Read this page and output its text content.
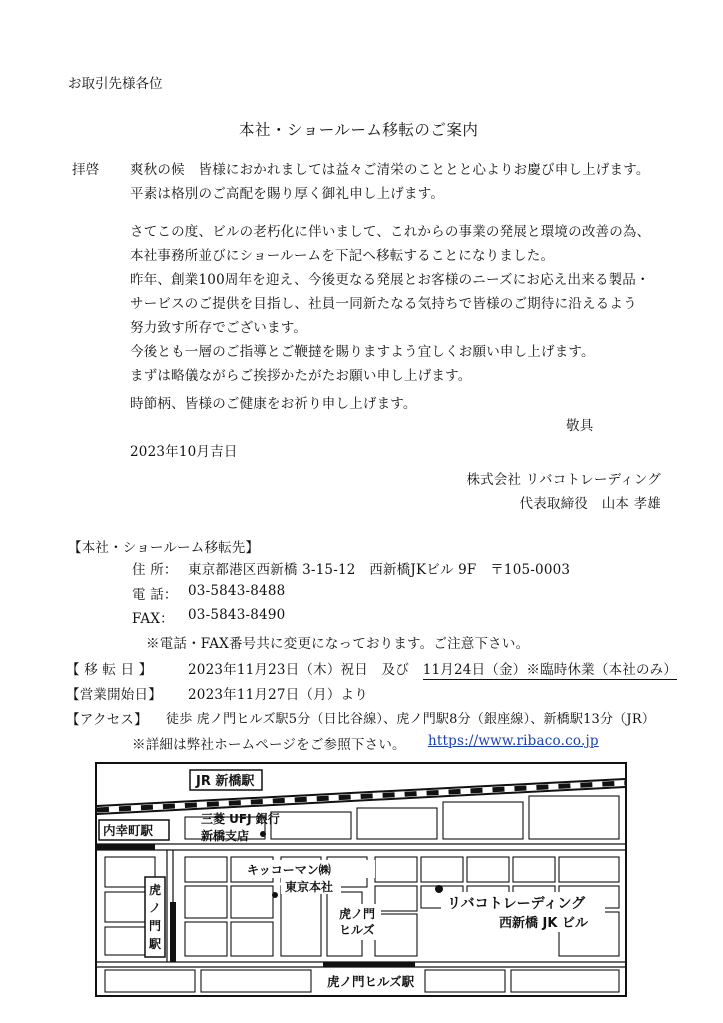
お取引先様各位
本社・ショールーム移転のご案内
拝啓 爽秋の候　皆様におかれましては益々ご清栄のこととと心よりお慶び申し上げます。
平素は格別のご高配を賜り厚く御礼申し上げます。
さてこの度、ビルの老朽化に伴いまして、これからの事業の発展と環境の改善の為、
本社事務所並びにショールームを下記へ移転することになりました。
昨年、創業100周年を迎え、今後更なる発展とお客様のニーズにお応え出来る製品・
サービスのご提供を目指し、社員一同新たなる気持ちで皆様のご期待に沿えるよう
努力致す所存でございます。
今後とも一層のご指導とご鞭撻を賜りますよう宜しくお願い申し上げます。
まずは略儀ながらご挨拶かたがたお願い申し上げます。
時節柄、皆様のご健康をお祈り申し上げます。
敬具
2023年10月吉日
株式会社 リバコトレーディング
代表取締役　山本 孝雄
【本社・ショールーム移転先】
住 所： 東京都港区西新橋 3-15-12　西新橋JKビル 9F　〒105-0003
電 話： 03-5843-8488
FAX： 03-5843-8490
※電話・FAX番号共に変更になっております。ご注意下さい。
【 移 転 日 】	2023年11月23日（木）祝日　及び　11月24日（金）※臨時休業（本社のみ）
【営業開始日】 2023年11月27日（月）より
【アクセス】 徒歩 虎ノ門ヒルズ駅5分（日比谷線）、虎ノ門駅8分（銀座線）、新橋駅13分（JR）
※詳細は弊社ホームページをご参照下さい。 https://www.ribaco.co.jp
JR 新橋駅
三菱 UFJ 銀行
新橋支店
内幸町駅
キッコーマン㈱
東京本社
虎ノ門駅
虎ノ門
ヒルズ
リバコトレーディング
西新橋 JK ビル
虎ノ門ヒルズ駅
